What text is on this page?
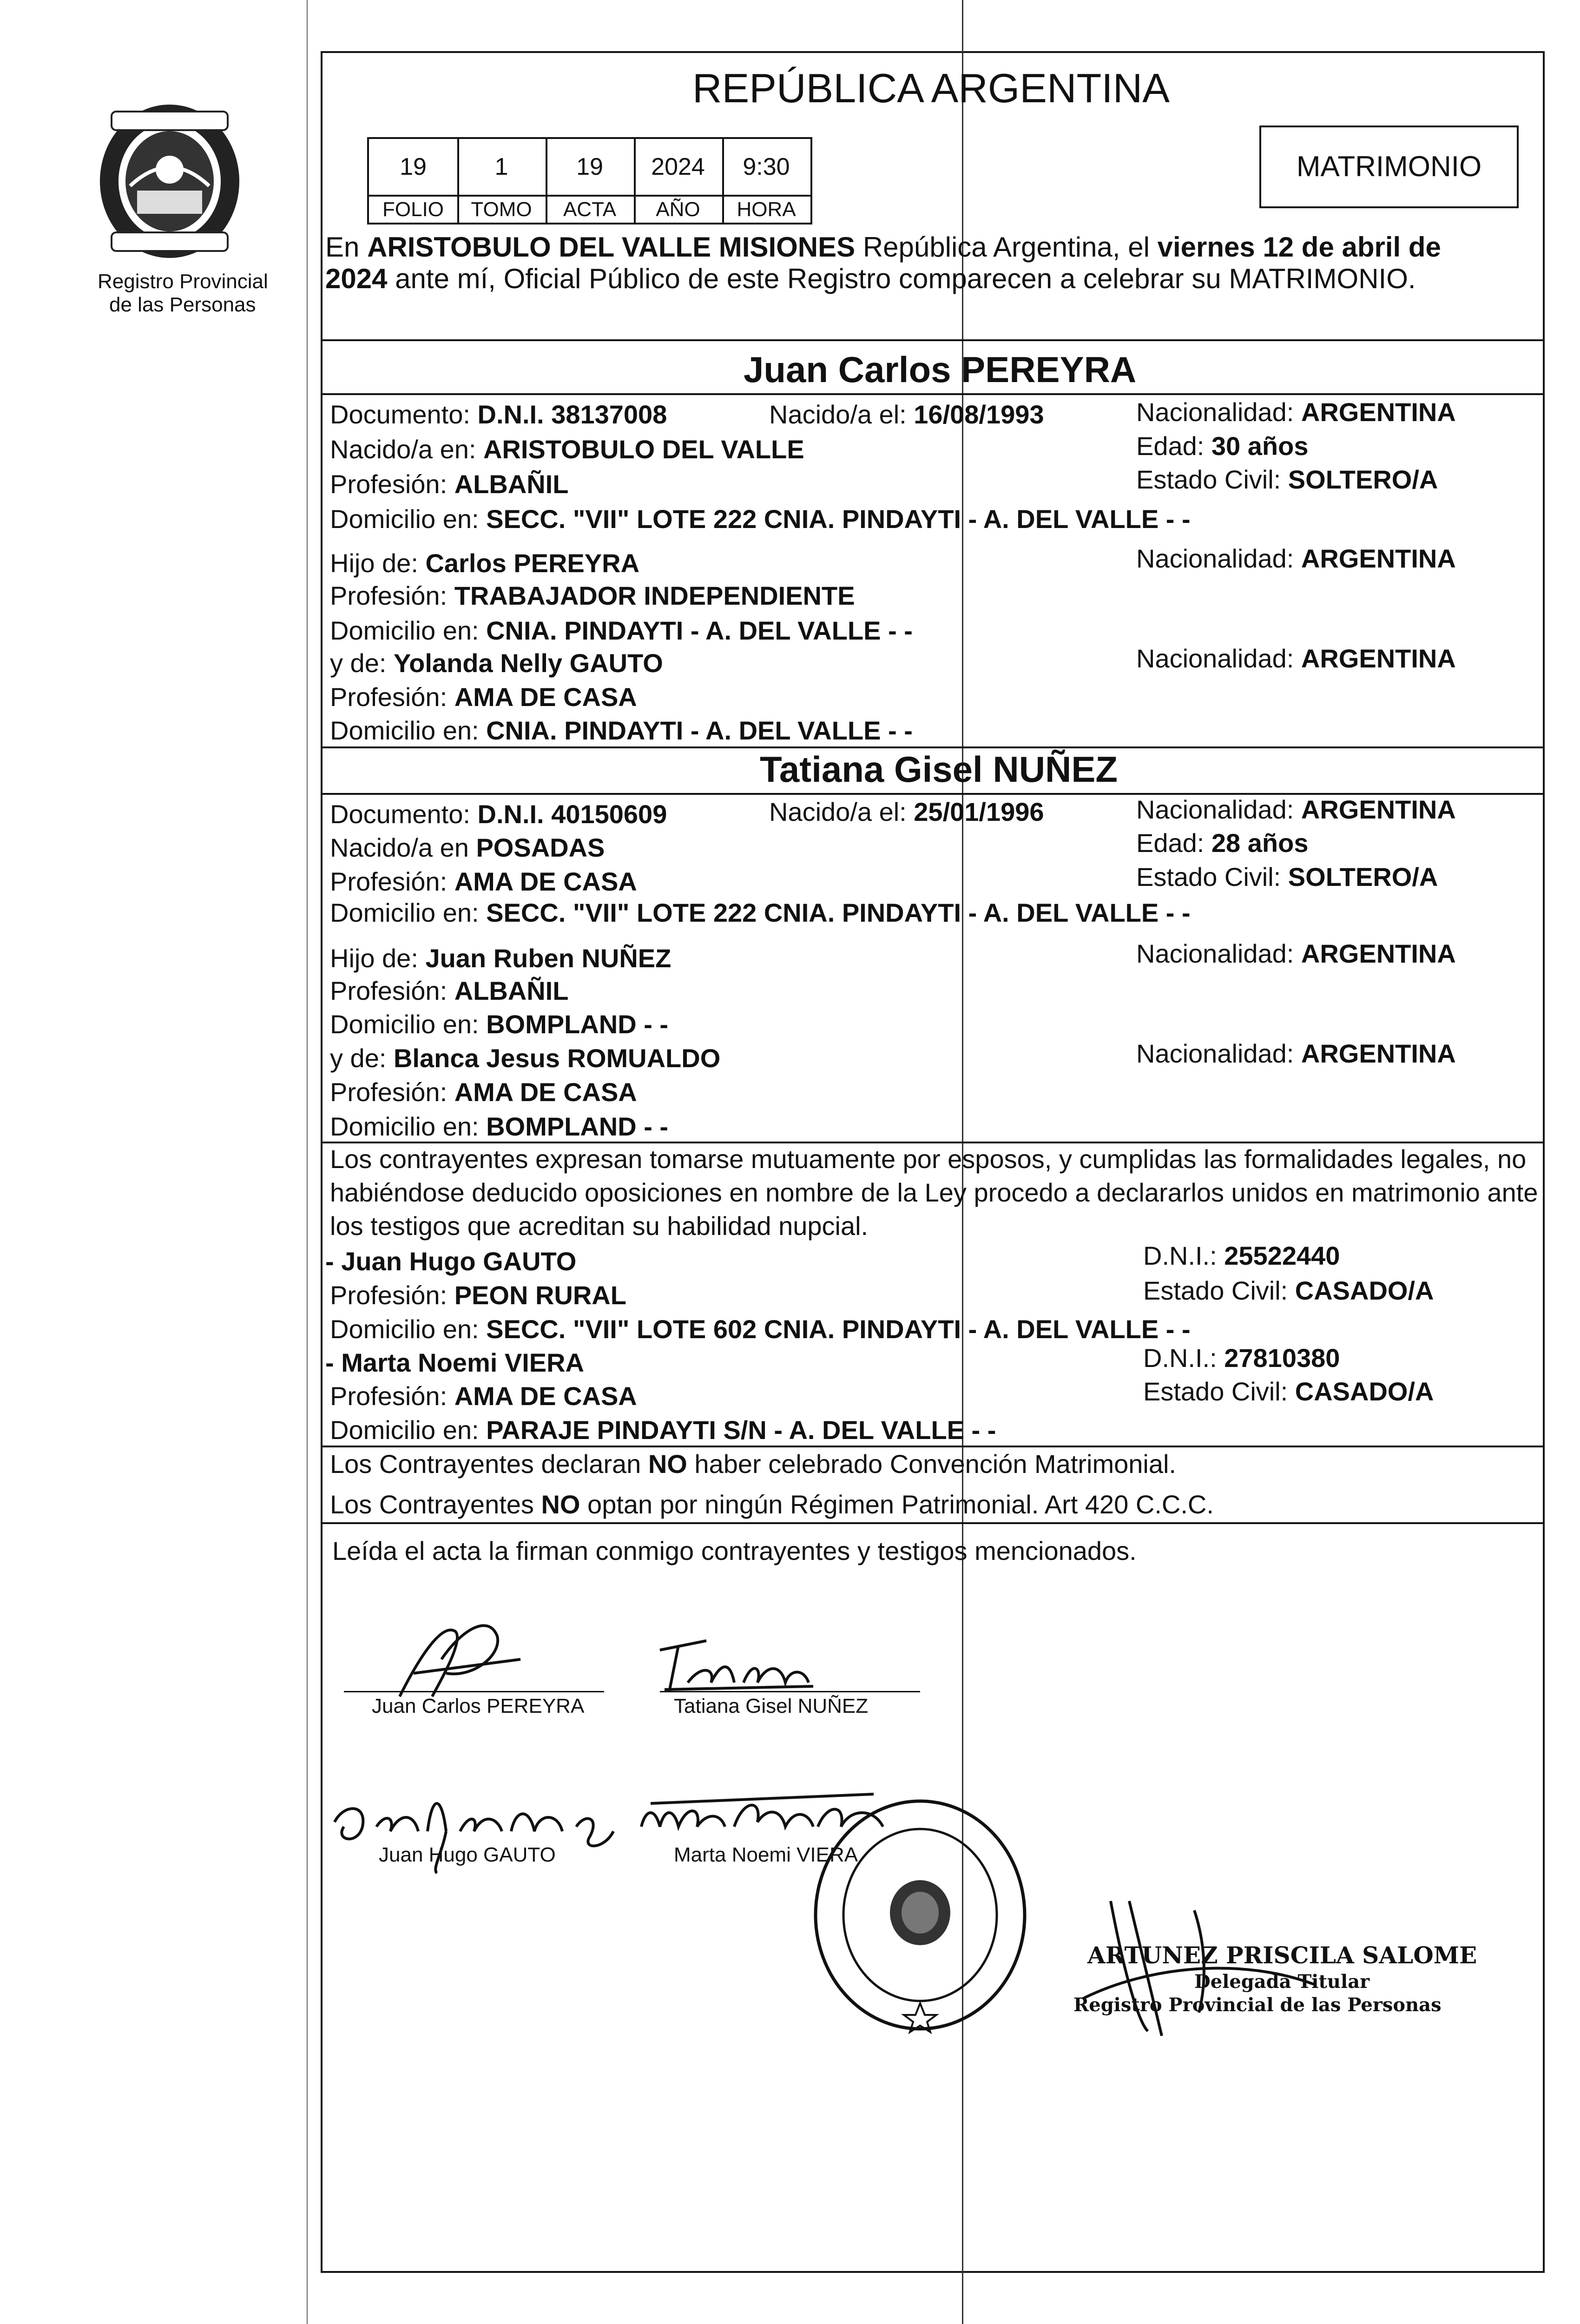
Registro Provincial
de las Personas
REPÚBLICA ARGENTINA
19	1	19	2024	9:30
FOLIO	TOMO	ACTA	AÑO	HORA
MATRIMONIO
En ARISTOBULO DEL VALLE MISIONES República Argentina, el viernes 12 de abril de
2024 ante mí, Oficial Público de este Registro comparecen a celebrar su MATRIMONIO.
Juan Carlos PEREYRA
Documento: D.N.I. 38137008	Nacido/a el: 16/08/1993	Nacionalidad: ARGENTINA
Nacido/a en: ARISTOBULO DEL VALLE	Edad: 30 años
Profesión: ALBAÑIL	Estado Civil: SOLTERO/A
Domicilio en: SECC. "VII" LOTE 222 CNIA. PINDAYTI - A. DEL VALLE - -
Hijo de: Carlos PEREYRA	Nacionalidad: ARGENTINA
Profesión: TRABAJADOR INDEPENDIENTE
Domicilio en: CNIA. PINDAYTI - A. DEL VALLE - -
y de: Yolanda Nelly GAUTO	Nacionalidad: ARGENTINA
Profesión: AMA DE CASA
Domicilio en: CNIA. PINDAYTI - A. DEL VALLE - -
Tatiana Gisel NUÑEZ
Documento: D.N.I. 40150609	Nacido/a el: 25/01/1996	Nacionalidad: ARGENTINA
Nacido/a en POSADAS	Edad: 28 años
Profesión: AMA DE CASA	Estado Civil: SOLTERO/A
Domicilio en: SECC. "VII" LOTE 222 CNIA. PINDAYTI - A. DEL VALLE - -
Hijo de: Juan Ruben NUÑEZ	Nacionalidad: ARGENTINA
Profesión: ALBAÑIL
Domicilio en: BOMPLAND - -
y de: Blanca Jesus ROMUALDO	Nacionalidad: ARGENTINA
Profesión: AMA DE CASA
Domicilio en: BOMPLAND - -
Los contrayentes expresan tomarse mutuamente por esposos, y cumplidas las formalidades legales, no
habiéndose deducido oposiciones en nombre de la Ley procedo a declararlos unidos en matrimonio ante
los testigos que acreditan su habilidad nupcial.
- Juan Hugo GAUTO	D.N.I.: 25522440
Profesión: PEON RURAL	Estado Civil: CASADO/A
Domicilio en: SECC. "VII" LOTE 602 CNIA. PINDAYTI - A. DEL VALLE - -
- Marta Noemi VIERA	D.N.I.: 27810380
Profesión: AMA DE CASA	Estado Civil: CASADO/A
Domicilio en: PARAJE PINDAYTI S/N - A. DEL VALLE - -
Los Contrayentes declaran NO haber celebrado Convención Matrimonial.
Los Contrayentes NO optan por ningún Régimen Patrimonial. Art 420 C.C.C.
Leída el acta la firman conmigo contrayentes y testigos mencionados.
Juan Carlos PEREYRA	Tatiana Gisel NUÑEZ
Juan Hugo GAUTO	Marta Noemi VIERA
ARTUNEZ PRISCILA SALOME
Delegada Titular
Registro Provincial de las Personas
